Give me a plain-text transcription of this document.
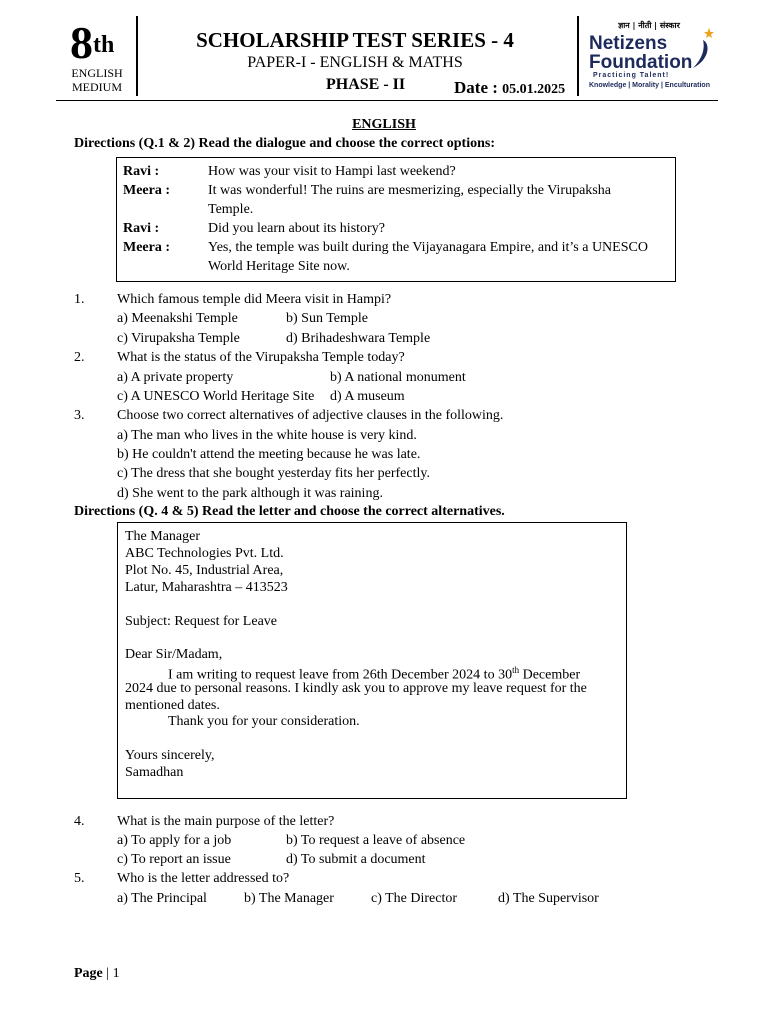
8th
ENGLISH
MEDIUM
SCHOLARSHIP TEST SERIES - 4
PAPER-I - ENGLISH & MATHS
PHASE - II	Date : 05.01.2025
ज्ञान | नीती | संस्कार
Netizens
Foundation
Practicing Talent!
Knowledge | Morality | Enculturation
ENGLISH
Directions (Q.1 & 2) Read the dialogue and choose the correct options:
Ravi :	How was your visit to Hampi last weekend?
Meera :	It was wonderful! The ruins are mesmerizing, especially the Virupaksha
Temple.
Ravi :	Did you learn about its history?
Meera :	Yes, the temple was built during the Vijayanagara Empire, and it’s a UNESCO
World Heritage Site now.
1. Which famous temple did Meera visit in Hampi?
a) Meenakshi Temple	b) Sun Temple
c) Virupaksha Temple	d) Brihadeshwara Temple
2. What is the status of the Virupaksha Temple today?
a) A private property	b) A national monument
c) A UNESCO World Heritage Site d) A museum
3. Choose two correct alternatives of adjective clauses in the following.
a) The man who lives in the white house is very kind.
b) He couldn't attend the meeting because he was late.
c) The dress that she bought yesterday fits her perfectly.
d) She went to the park although it was raining.
Directions (Q. 4 & 5) Read the letter and choose the correct alternatives.
The Manager
ABC Technologies Pvt. Ltd.
Plot No. 45, Industrial Area,
Latur, Maharashtra – 413523
Subject: Request for Leave
Dear Sir/Madam,
I am writing to request leave from 26th December 2024 to 30th December
2024 due to personal reasons. I kindly ask you to approve my leave request for the
mentioned dates.
Thank you for your consideration.
Yours sincerely,
Samadhan
4. What is the main purpose of the letter?
a) To apply for a job	b) To request a leave of absence
c) To report an issue	d) To submit a document
5. Who is the letter addressed to?
a) The Principal	b) The Manager	c) The Director	d) The Supervisor
Page | 1
